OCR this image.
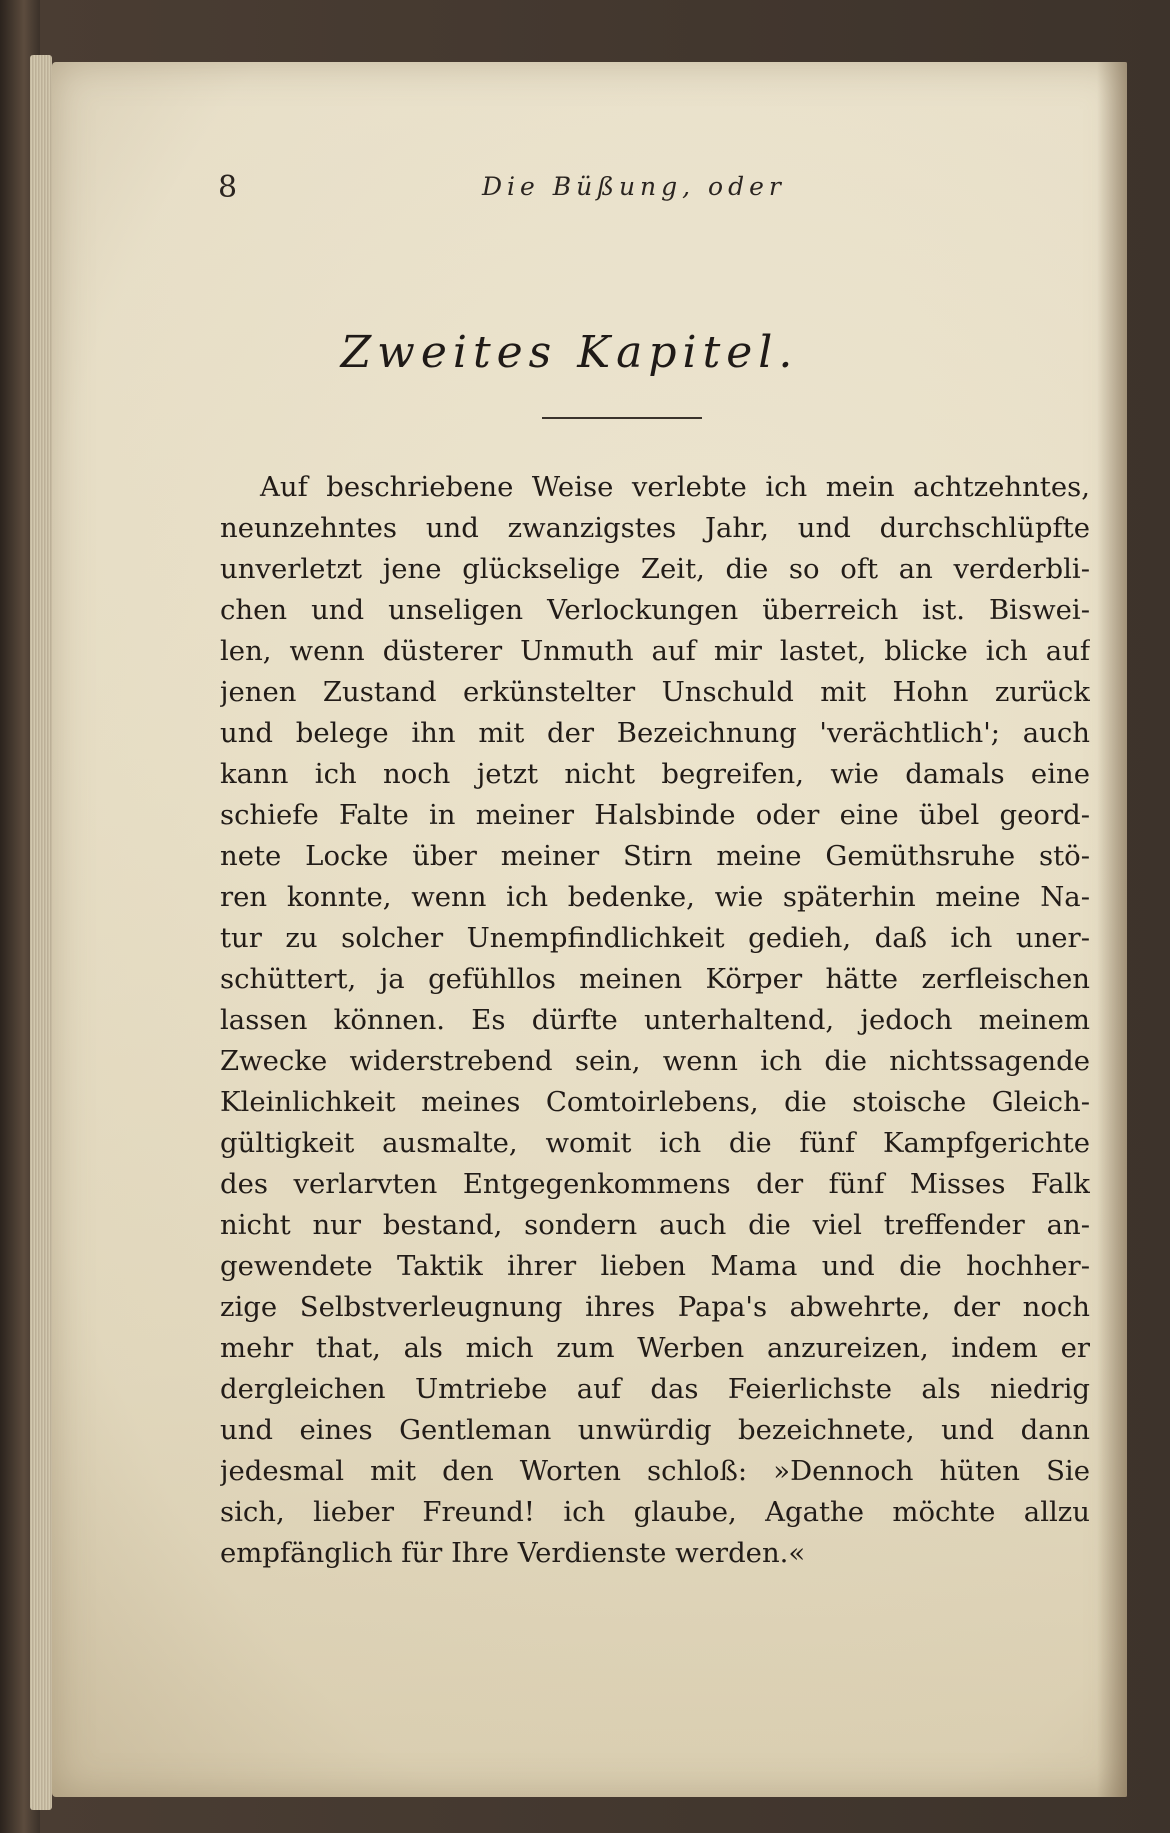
8	Die Büßung, oder
Zweites Kapitel.
Auf beschriebene Weise verlebte ich mein achtzehntes,
neunzehntes und zwanzigstes Jahr, und durchschlüpfte
unverletzt jene glückselige Zeit, die so oft an verderbli-
chen und unseligen Verlockungen überreich ist. Biswei-
len, wenn düsterer Unmuth auf mir lastet, blicke ich auf
jenen Zustand erkünstelter Unschuld mit Hohn zurück
und belege ihn mit der Bezeichnung 'verächtlich'; auch
kann ich noch jetzt nicht begreifen, wie damals eine
schiefe Falte in meiner Halsbinde oder eine übel geord-
nete Locke über meiner Stirn meine Gemüthsruhe stö-
ren konnte, wenn ich bedenke, wie späterhin meine Na-
tur zu solcher Unempfindlichkeit gedieh, daß ich uner-
schüttert, ja gefühllos meinen Körper hätte zerfleischen
lassen können. Es dürfte unterhaltend, jedoch meinem
Zwecke widerstrebend sein, wenn ich die nichtssagende
Kleinlichkeit meines Comtoirlebens, die stoische Gleich-
gültigkeit ausmalte, womit ich die fünf Kampfgerichte
des verlarvten Entgegenkommens der fünf Misses Falk
nicht nur bestand, sondern auch die viel treffender an-
gewendete Taktik ihrer lieben Mama und die hochher-
zige Selbstverleugnung ihres Papa's abwehrte, der noch
mehr that, als mich zum Werben anzureizen, indem er
dergleichen Umtriebe auf das Feierlichste als niedrig
und eines Gentleman unwürdig bezeichnete, und dann
jedesmal mit den Worten schloß: »Dennoch hüten Sie
sich, lieber Freund! ich glaube, Agathe möchte allzu
empfänglich für Ihre Verdienste werden.«
